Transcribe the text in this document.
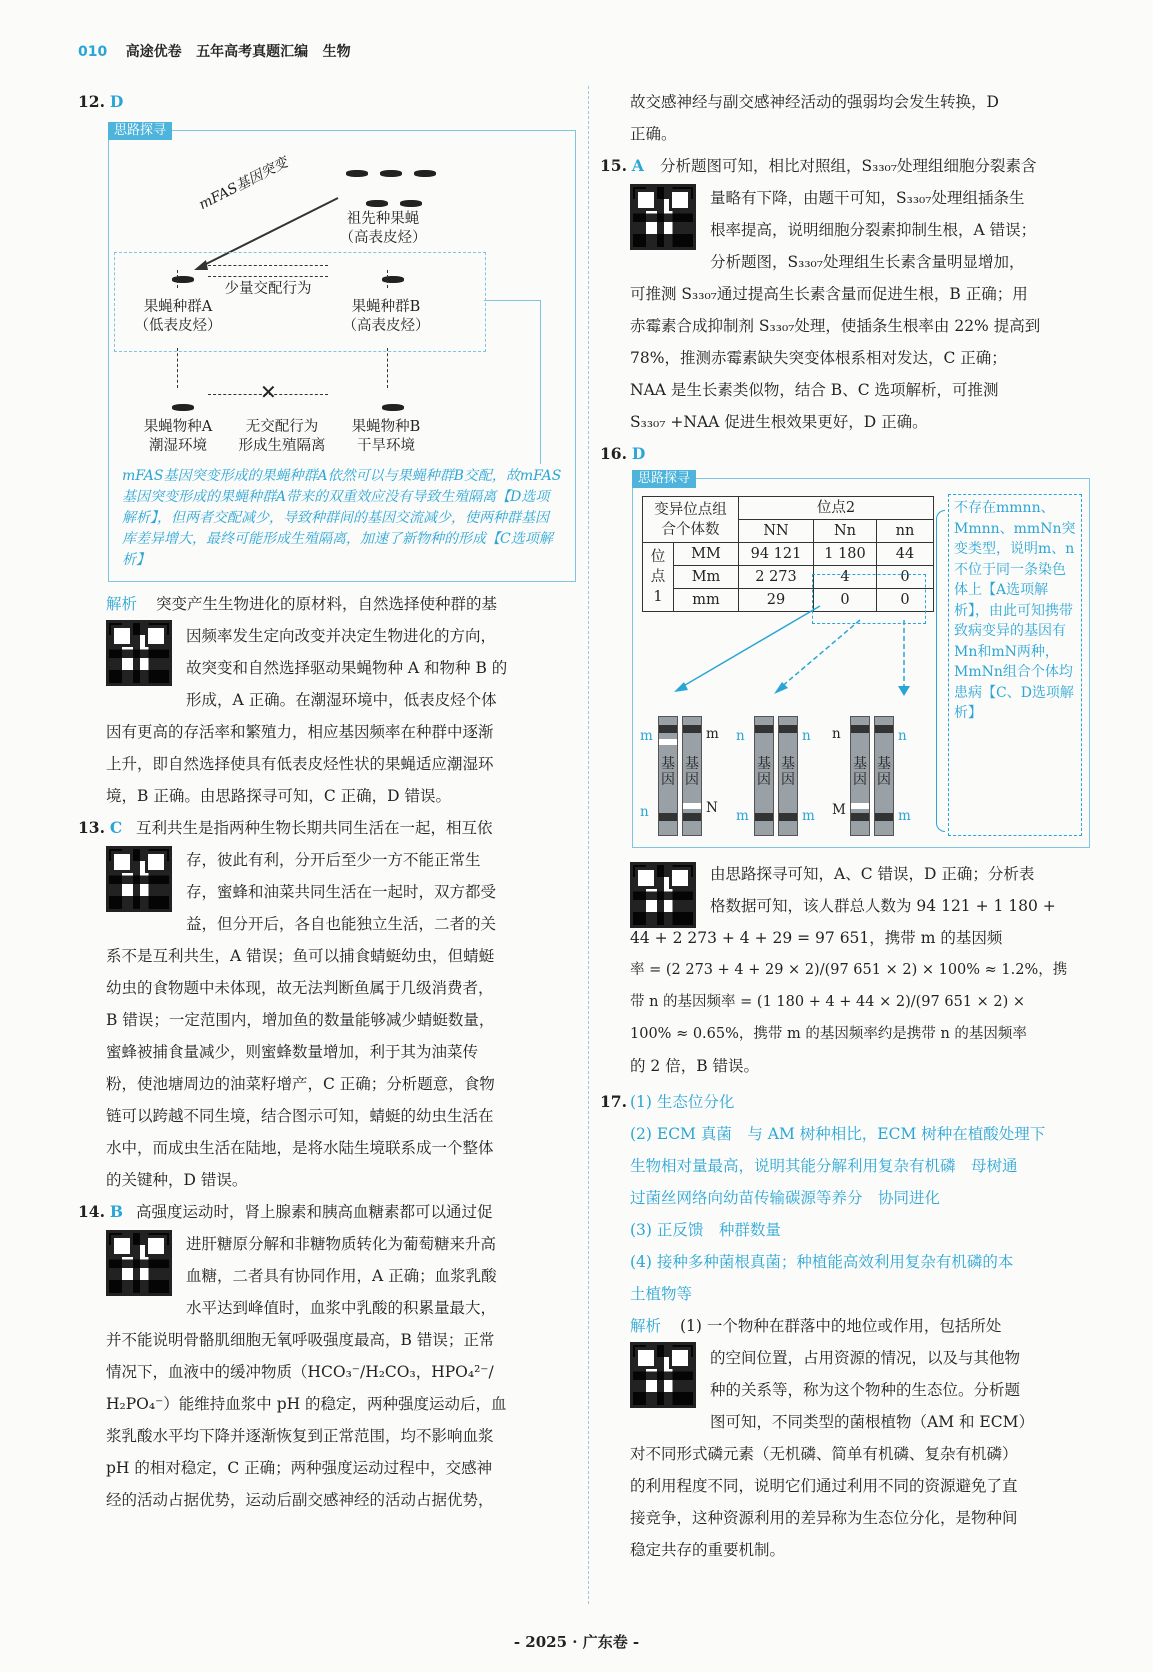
010 高途优卷 五年高考真题汇编 生物
12. D
思路探寻
祖先种果蝇
（高表皮烃）
mFAS基因突变
少量交配行为
果蝇种群A
（低表皮烃）
果蝇种群B
（高表皮烃）
✕
果蝇物种A
潮湿环境
无交配行为
形成生殖隔离
果蝇物种B
干旱环境
mFAS基因突变形成的果蝇种群A依然可以与果蝇种群B交配，故mFAS基因突变形成的果蝇种群A带来的双重效应没有导致生殖隔离【D选项解析】，但两者交配减少，导致种群间的基因交流减少，使两种群基因库差异增大，最终可能形成生殖隔离，加速了新物种的形成【C选项解析】
解析 突变产生生物进化的原材料，自然选择使种群的基

因频率发生定向改变并决定生物进化的方向，

故突变和自然选择驱动果蝇物种 A 和物种 B 的

形成，A 正确。在潮湿环境中，低表皮烃个体

因有更高的存活率和繁殖力，相应基因频率在种群中逐渐

上升，即自然选择使具有低表皮烃性状的果蝇适应潮湿环

境，B 正确。由思路探寻可知，C 正确，D 错误。

13. C 互利共生是指两种生物长期共同生活在一起，相互依

存，彼此有利，分开后至少一方不能正常生

存，蜜蜂和油菜共同生活在一起时，双方都受

益，但分开后，各自也能独立生活，二者的关

系不是互利共生，A 错误；鱼可以捕食蜻蜓幼虫，但蜻蜓

幼虫的食物题中未体现，故无法判断鱼属于几级消费者，

B 错误；一定范围内，增加鱼的数量能够减少蜻蜓数量，

蜜蜂被捕食量减少，则蜜蜂数量增加，利于其为油菜传

粉，使池塘周边的油菜籽增产，C 正确；分析题意，食物

链可以跨越不同生境，结合图示可知，蜻蜓的幼虫生活在

水中，而成虫生活在陆地，是将水陆生境联系成一个整体

的关键种，D 错误。

14. B 高强度运动时，肾上腺素和胰高血糖素都可以通过促

进肝糖原分解和非糖物质转化为葡萄糖来升高

血糖，二者具有协同作用，A 正确；血浆乳酸

水平达到峰值时，血浆中乳酸的积累量最大，

并不能说明骨骼肌细胞无氧呼吸强度最高，B 错误；正常

情况下，血液中的缓冲物质（HCO₃⁻/H₂CO₃，HPO₄²⁻/

H₂PO₄⁻）能维持血浆中 pH 的稳定，两种强度运动后，血

浆乳酸水平均下降并逐渐恢复到正常范围，均不影响血浆

pH 的相对稳定，C 正确；两种强度运动过程中，交感神

经的活动占据优势，运动后副交感神经的活动占据优势，

故交感神经与副交感神经活动的强弱均会发生转换，D

正确。

15. A 分析题图可知，相比对照组，S₃₃₀₇处理组细胞分裂素含

量略有下降，由题干可知，S₃₃₀₇处理组插条生

根率提高，说明细胞分裂素抑制生根，A 错误；

分析题图，S₃₃₀₇处理组生长素含量明显增加，

可推测 S₃₃₀₇通过提高生长素含量而促进生根，B 正确；用

赤霉素合成抑制剂 S₃₃₀₇处理，使插条生根率由 22% 提高到

78%，推测赤霉素缺失突变体根系相对发达，C 正确；

NAA 是生长素类似物，结合 B、C 选项解析，可推测

S₃₃₀₇ +NAA 促进生根效果更好，D 正确。

16. D
思路探寻
变异位点组
合个体数		位点2		
		NN	Nn	nn

位
点
1	MM	94 121	1 180	44
	Mm	2 273	4	0
	mm	29	0	0
基
因
基
因
m	m
n	N
基
因
基
因
n	n
m	m
基
因
基
因
n	n
M	m
不存在mmnn、Mmnn、mmNn突变类型，说明m、n不位于同一条染色体上【A选项解析】，由此可知携带致病变异的基因有Mn和mN两种，MmNn组合个体均患病【C、D选项解析】

由思路探寻可知，A、C 错误，D 正确；分析表

格数据可知，该人群总人数为 94 121 + 1 180 +

44 + 2 273 + 4 + 29 = 97 651，携带 m 的基因频

率 = (2 273 + 4 + 29 × 2)/(97 651 × 2) × 100% ≈ 1.2%，携

带 n 的基因频率 = (1 180 + 4 + 44 × 2)/(97 651 × 2) ×

100% ≈ 0.65%，携带 m 的基因频率约是携带 n 的基因频率

的 2 倍，B 错误。

17. (1) 生态位分化

(2) ECM 真菌　与 AM 树种相比，ECM 树种在植酸处理下

生物相对量最高，说明其能分解利用复杂有机磷　母树通

过菌丝网络向幼苗传输碳源等养分　协同进化

(3) 正反馈　种群数量

(4) 接种多种菌根真菌；种植能高效利用复杂有机磷的本

土植物等

解析 (1) 一个物种在群落中的地位或作用，包括所处

的空间位置，占用资源的情况，以及与其他物

种的关系等，称为这个物种的生态位。分析题

图可知，不同类型的菌根植物（AM 和 ECM）

对不同形式磷元素（无机磷、简单有机磷、复杂有机磷）

的利用程度不同，说明它们通过利用不同的资源避免了直

接竞争，这种资源利用的差异称为生态位分化，是物种间

稳定共存的重要机制。

- 2025 · 广东卷 -
